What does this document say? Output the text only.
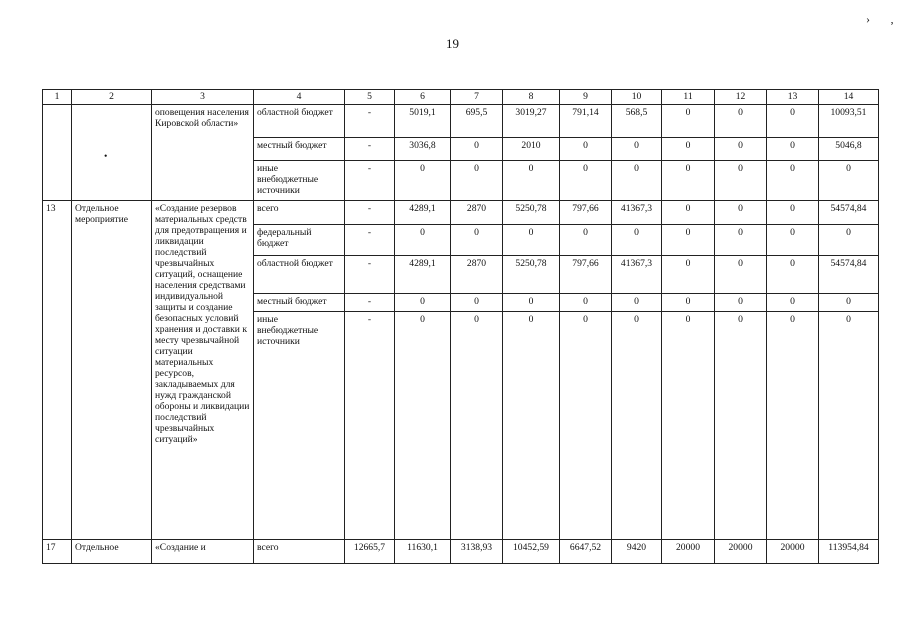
19
› ‚
1	2	3	4	5	6	7	8	9	10	11	12	13	14

	•	оповещения населения Кировской области»	областной бюджет	-	5019,1	695,5	3019,27	791,14	568,5	0	0	0	10093,51
			местный бюджет	-	3036,8	0	2010	0	0	0	0	0	5046,8
			иные внебюджетные источники	-	0	0	0	0	0	0	0	0	0
13	Отдельное мероприятие	«Создание резервов материальных средств для предотвращения и ликвидации последствий чрезвычайных ситуаций, оснащение населения средствами индивидуальной защиты и создание безопасных условий хранения и доставки к месту чрезвычайной ситуации материальных ресурсов, закладываемых для нужд гражданской обороны и ликвидации последствий чрезвычайных ситуаций»	всего	-	4289,1	2870	5250,78	797,66	41367,3	0	0	0	54574,84
			федеральный бюджет	-	0	0	0	0	0	0	0	0	0
			областной бюджет	-	4289,1	2870	5250,78	797,66	41367,3	0	0	0	54574,84
			местный бюджет	-	0	0	0	0	0	0	0	0	0
			иные внебюджетные источники	-	0	0	0	0	0	0	0	0	0
17	Отдельное	«Создание и	всего	12665,7	11630,1	3138,93	10452,59	6647,52	9420	20000	20000	20000	113954,84
